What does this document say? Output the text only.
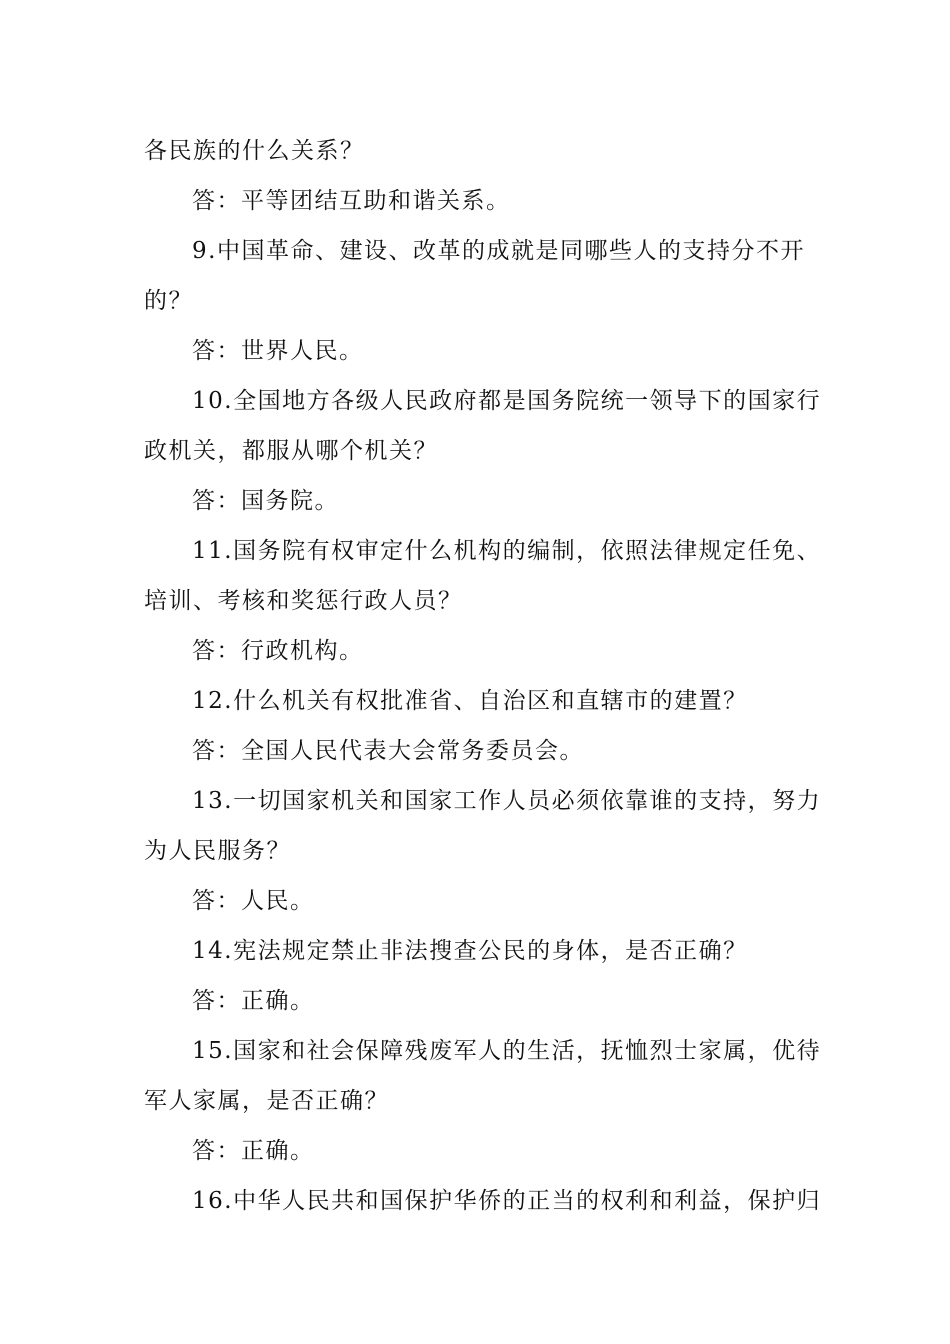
各民族的什么关系？
答：平等团结互助和谐关系。
9.中国革命、建设、改革的成就是同哪些人的支持分不开
的？
答：世界人民。
10.全国地方各级人民政府都是国务院统一领导下的国家行
政机关，都服从哪个机关？
答：国务院。
11.国务院有权审定什么机构的编制，依照法律规定任免、
培训、考核和奖惩行政人员？
答：行政机构。
12.什么机关有权批准省、自治区和直辖市的建置？
答：全国人民代表大会常务委员会。
13.一切国家机关和国家工作人员必须依靠谁的支持，努力
为人民服务？
答：人民。
14.宪法规定禁止非法搜查公民的身体，是否正确？
答：正确。
15.国家和社会保障残废军人的生活，抚恤烈士家属，优待
军人家属，是否正确？
答：正确。
16.中华人民共和国保护华侨的正当的权利和利益，保护归
